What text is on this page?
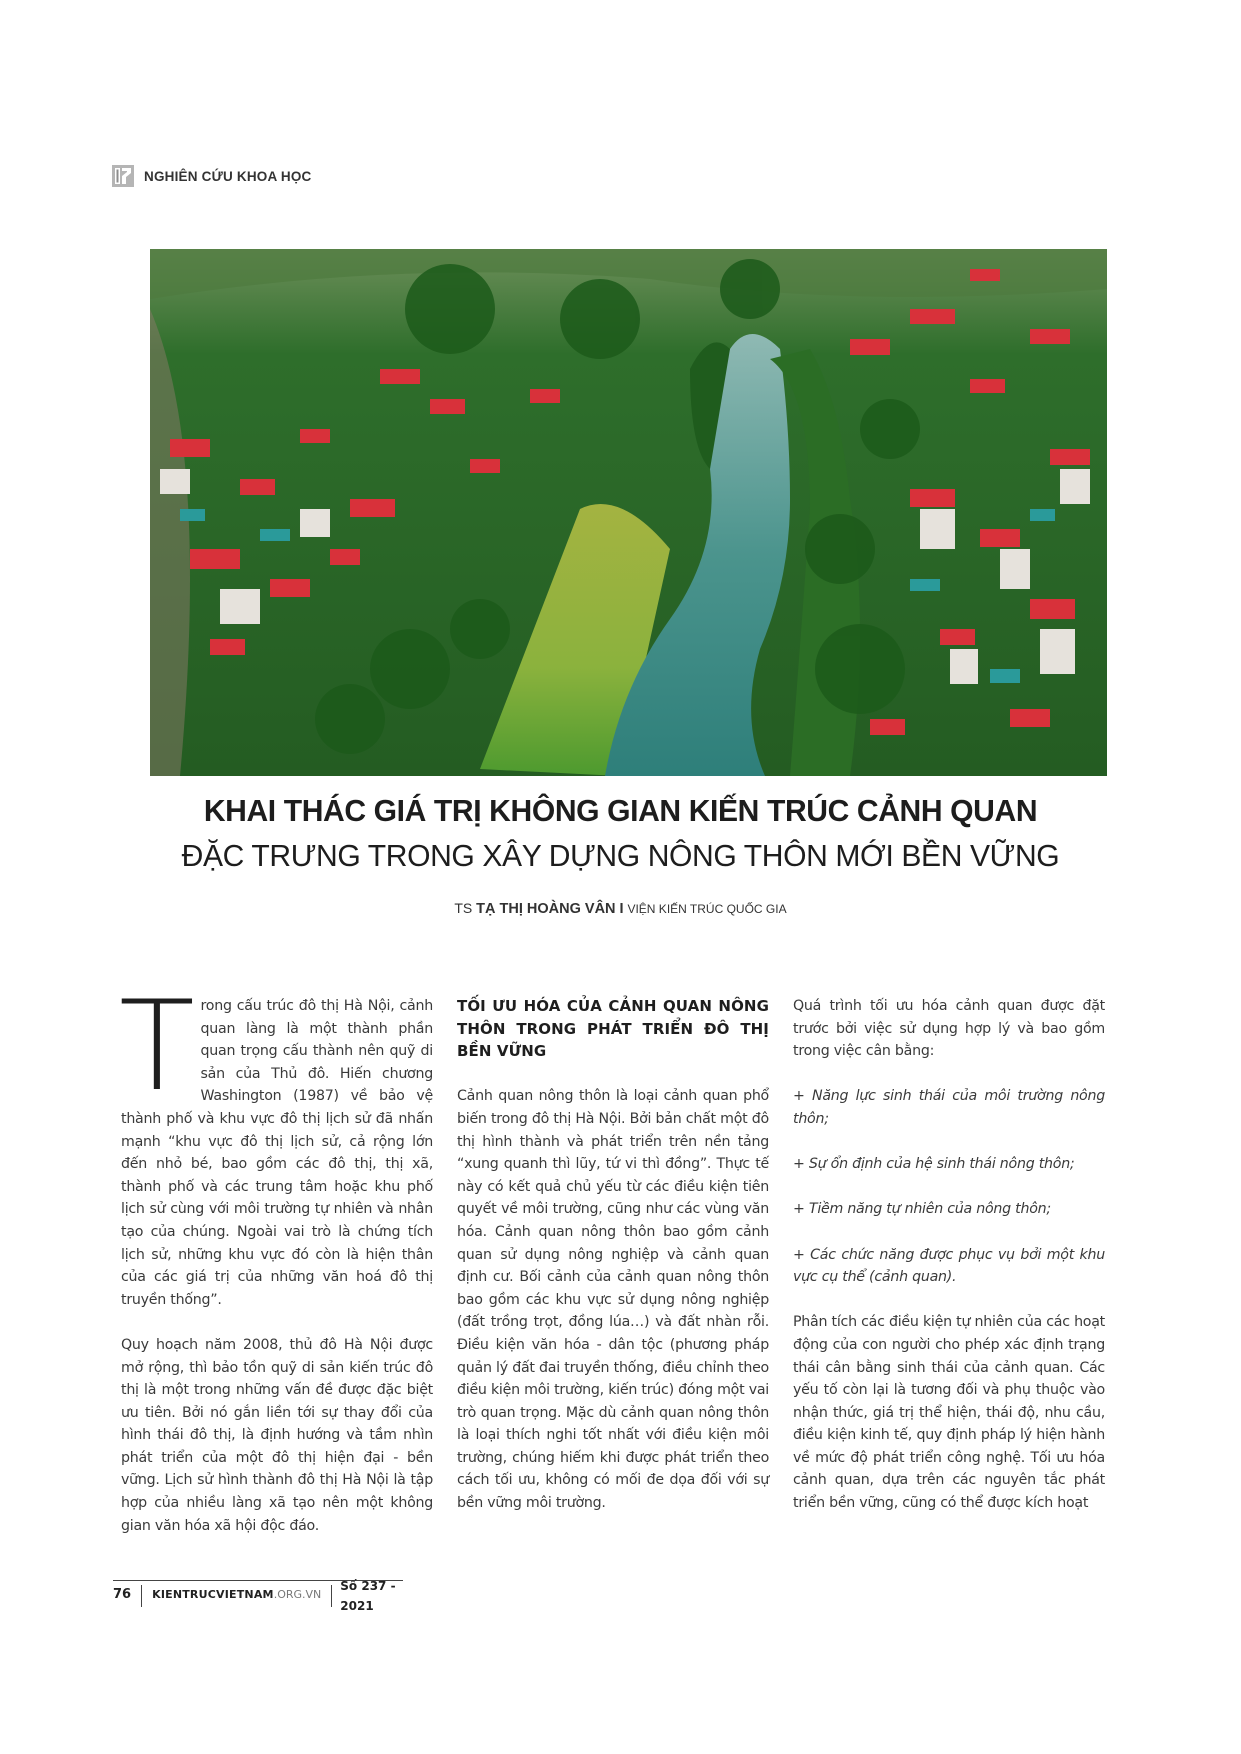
NGHIÊN CỨU KHOA HỌC
KHAI THÁC GIÁ TRỊ KHÔNG GIAN KIẾN TRÚC CẢNH QUAN
ĐẶC TRƯNG TRONG XÂY DỰNG NÔNG THÔN MỚI BỀN VỮNG
TS TẠ THỊ HOÀNG VÂN I VIỆN KIẾN TRÚC QUỐC GIA

Trong cấu trúc đô thị Hà Nội, cảnh quan làng là một thành phần quan trọng cấu thành nên quỹ di sản của Thủ đô. Hiến chương Washington (1987) về bảo vệ thành phố và khu vực đô thị lịch sử đã nhấn mạnh “khu vực đô thị lịch sử, cả rộng lớn đến nhỏ bé, bao gồm các đô thị, thị xã, thành phố và các trung tâm hoặc khu phố lịch sử cùng với môi trường tự nhiên và nhân tạo của chúng. Ngoài vai trò là chứng tích lịch sử, những khu vực đó còn là hiện thân của các giá trị của những văn hoá đô thị truyền thống”.

Quy hoạch năm 2008, thủ đô Hà Nội được mở rộng, thì bảo tồn quỹ di sản kiến trúc đô thị là một trong những vấn đề được đặc biệt ưu tiên. Bởi nó gắn liền tới sự thay đổi của hình thái đô thị, là định hướng và tầm nhìn phát triển của một đô thị hiện đại - bền vững. Lịch sử hình thành đô thị Hà Nội là tập hợp của nhiều làng xã tạo nên một không gian văn hóa xã hội độc đáo.

TỐI ƯU HÓA CỦA CẢNH QUAN NÔNG THÔN TRONG PHÁT TRIỂN ĐÔ THỊ BỀN VỮNG

Cảnh quan nông thôn là loại cảnh quan phổ biến trong đô thị Hà Nội. Bởi bản chất một đô thị hình thành và phát triển trên nền tảng “xung quanh thì lũy, tứ vi thì đồng”. Thực tế này có kết quả chủ yếu từ các điều kiện tiên quyết về môi trường, cũng như các vùng văn hóa. Cảnh quan nông thôn bao gồm cảnh quan sử dụng nông nghiệp và cảnh quan định cư. Bối cảnh của cảnh quan nông thôn bao gồm các khu vực sử dụng nông nghiệp (đất trồng trọt, đồng lúa…) và đất nhàn rỗi. Điều kiện văn hóa - dân tộc (phương pháp quản lý đất đai truyền thống, điều chỉnh theo điều kiện môi trường, kiến trúc) đóng một vai trò quan trọng. Mặc dù cảnh quan nông thôn là loại thích nghi tốt nhất với điều kiện môi trường, chúng hiếm khi được phát triển theo cách tối ưu, không có mối đe dọa đối với sự bền vững môi trường.

Quá trình tối ưu hóa cảnh quan được đặt trước bởi việc sử dụng hợp lý và bao gồm trong việc cân bằng:

+ Năng lực sinh thái của môi trường nông thôn;

+ Sự ổn định của hệ sinh thái nông thôn;

+ Tiềm năng tự nhiên của nông thôn;

+ Các chức năng được phục vụ bởi một khu vực cụ thể (cảnh quan).

Phân tích các điều kiện tự nhiên của các hoạt động của con người cho phép xác định trạng thái cân bằng sinh thái của cảnh quan. Các yếu tố còn lại là tương đối và phụ thuộc vào nhận thức, giá trị thể hiện, thái độ, nhu cầu, điều kiện kinh tế, quy định pháp lý hiện hành về mức độ phát triển công nghệ. Tối ưu hóa cảnh quan, dựa trên các nguyên tắc phát triển bền vững, cũng có thể được kích hoạt

76	KIENTRUCVIETNAM.ORG.VN
Số 237 - 2021
